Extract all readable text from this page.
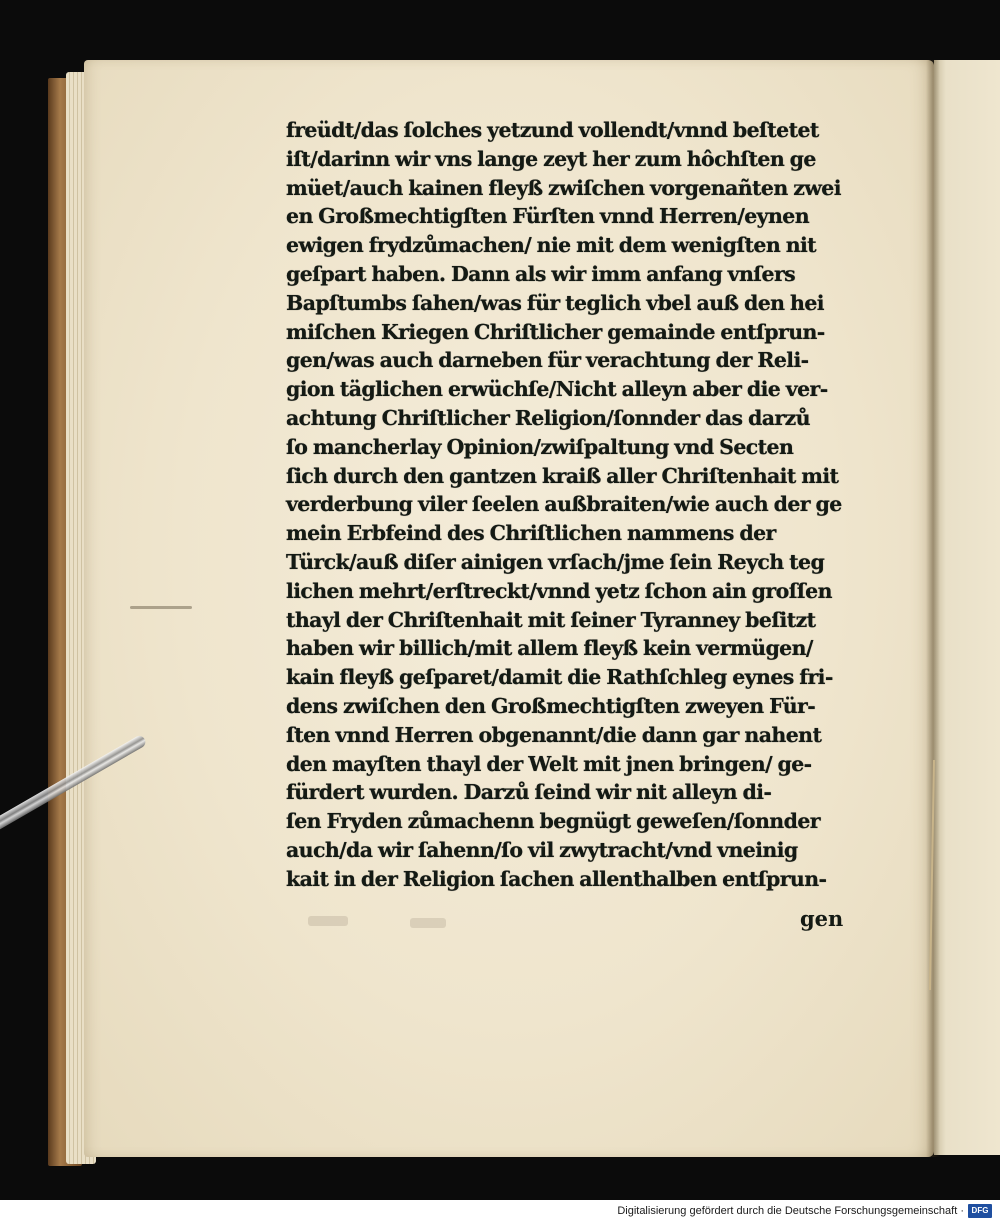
freüdt/das ſolches yetzund vollendt/vnnd beſtetet
iſt/darinn wir vns lange zeyt her zum hôchſten ge
müet/auch kainen fleyß zwiſchen vorgenañten zwei
en Großmechtigſten Fürſten vnnd Herren/eynen
ewigen frydzůmachen/ nie mit dem wenigſten nit
geſpart haben. Dann als wir imm anfang vnſers
Bapſtumbs ſahen/was für teglich vbel auß den hei
miſchen Kriegen Chriſtlicher gemainde entſprun-
gen/was auch darneben für verachtung der Reli-
gion täglichen erwüchſe/Nicht alleyn aber die ver-
achtung Chriſtlicher Religion/ſonnder das darzů
ſo mancherlay Opinion/zwiſpaltung vnd Secten
ſich durch den gantzen kraiß aller Chriſtenhait mit
verderbung viler ſeelen außbraiten/wie auch der ge
mein Erbfeind des Chriſtlichen nammens der
Türck/auß diſer ainigen vrſach/jme ſein Reych teg
lichen mehrt/erſtreckt/vnnd yetz ſchon ain groſſen
thayl der Chriſtenhait mit ſeiner Tyranney beſitzt
haben wir billich/mit allem fleyß kein vermügen/
kain fleyß geſparet/damit die Rathſchleg eynes fri-
dens zwiſchen den Großmechtigſten zweyen Für-
ſten vnnd Herren obgenannt/die dann gar nahent
den mayſten thayl der Welt mit jnen bringen/ ge-
fürdert wurden. Darzů ſeind wir nit alleyn di-
ſen Fryden zůmachenn begnügt geweſen/ſonnder
auch/da wir ſahenn/ſo vil zwytracht/vnd vneinig
kait in der Religion ſachen allenthalben entſprun-
gen
Digitalisierung gefördert durch die Deutsche Forschungsgemeinschaft · DFG
